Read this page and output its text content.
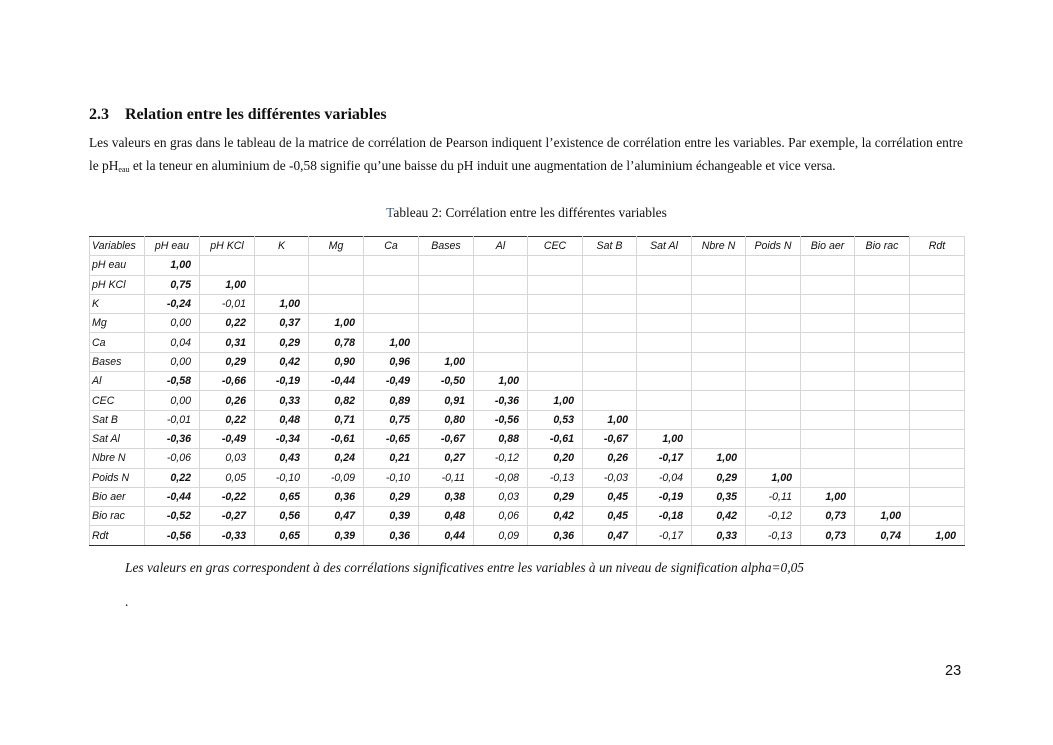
2.3 Relation entre les différentes variables

Les valeurs en gras dans le tableau de la matrice de corrélation de Pearson indiquent l’existence de corrélation entre les variables. Par exemple, la corrélation entre le $pH_{eau}$ et la teneur en aluminium de -0,58 signifie qu’une baisse du pH induit une augmentation de l’aluminium échangeable et vice versa.

Tableau 2: Corrélation entre les différentes variables

Variables	pH eau	pH KCl	K	Mg	Ca	Bases	Al	CEC	Sat B	Sat Al	Nbre N	Poids N	Bio aer	Bio rac	Rdt
pH eau	1,00														
pH KCl	0,75	1,00													
K	-0,24	-0,01	1,00												
Mg	0,00	0,22	0,37	1,00											
Ca	0,04	0,31	0,29	0,78	1,00										
Bases	0,00	0,29	0,42	0,90	0,96	1,00									
Al	-0,58	-0,66	-0,19	-0,44	-0,49	-0,50	1,00								
CEC	0,00	0,26	0,33	0,82	0,89	0,91	-0,36	1,00							
Sat B	-0,01	0,22	0,48	0,71	0,75	0,80	-0,56	0,53	1,00						
Sat Al	-0,36	-0,49	-0,34	-0,61	-0,65	-0,67	0,88	-0,61	-0,67	1,00					
Nbre N	-0,06	0,03	0,43	0,24	0,21	0,27	-0,12	0,20	0,26	-0,17	1,00				
Poids N	0,22	0,05	-0,10	-0,09	-0,10	-0,11	-0,08	-0,13	-0,03	-0,04	0,29	1,00			
Bio aer	-0,44	-0,22	0,65	0,36	0,29	0,38	0,03	0,29	0,45	-0,19	0,35	-0,11	1,00		
Bio rac	-0,52	-0,27	0,56	0,47	0,39	0,48	0,06	0,42	0,45	-0,18	0,42	-0,12	0,73	1,00	
Rdt	-0,56	-0,33	0,65	0,39	0,36	0,44	0,09	0,36	0,47	-0,17	0,33	-0,13	0,73	0,74	1,00

Les valeurs en gras correspondent à des corrélations significatives entre les variables à un niveau de signification alpha=0,05

.

23
